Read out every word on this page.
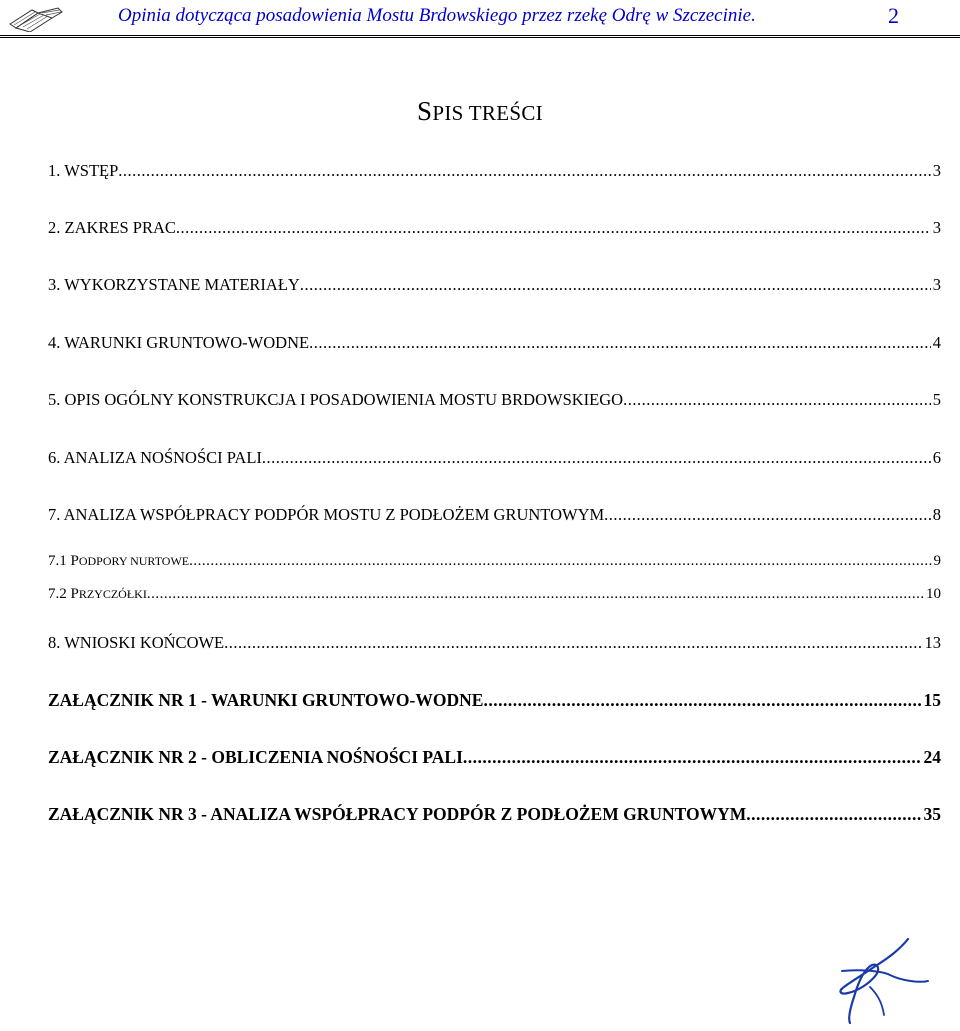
Opinia dotycząca posadowienia Mostu Brdowskiego przez rzekę Odrę w Szczecinie.	2
SPIS TREŚCI
1. WSTĘP .....	3
2. ZAKRES PRAC .....	3
3. WYKORZYSTANE MATERIAŁY .....	3
4. WARUNKI GRUNTOWO-WODNE .....	4
5. OPIS OGÓLNY KONSTRUKCJA I POSADOWIENIA MOSTU BRDOWSKIEGO .....	5
6. ANALIZA NOŚNOŚCI PALI .....	6
7. ANALIZA WSPÓŁPRACY PODPÓR MOSTU Z PODŁOŻEM GRUNTOWYM .....	8
7.1 PODPORY NURTOWE .....	9
7.2 PRZYCZÓŁKI .....	10
8. WNIOSKI KOŃCOWE .....	13
ZAŁĄCZNIK NR 1 - WARUNKI GRUNTOWO-WODNE .....	15
ZAŁĄCZNIK NR 2 - OBLICZENIA NOŚNOŚCI PALI .....	24
ZAŁĄCZNIK NR 3 - ANALIZA WSPÓŁPRACY PODPÓR Z PODŁOŻEM GRUNTOWYM .....	35
